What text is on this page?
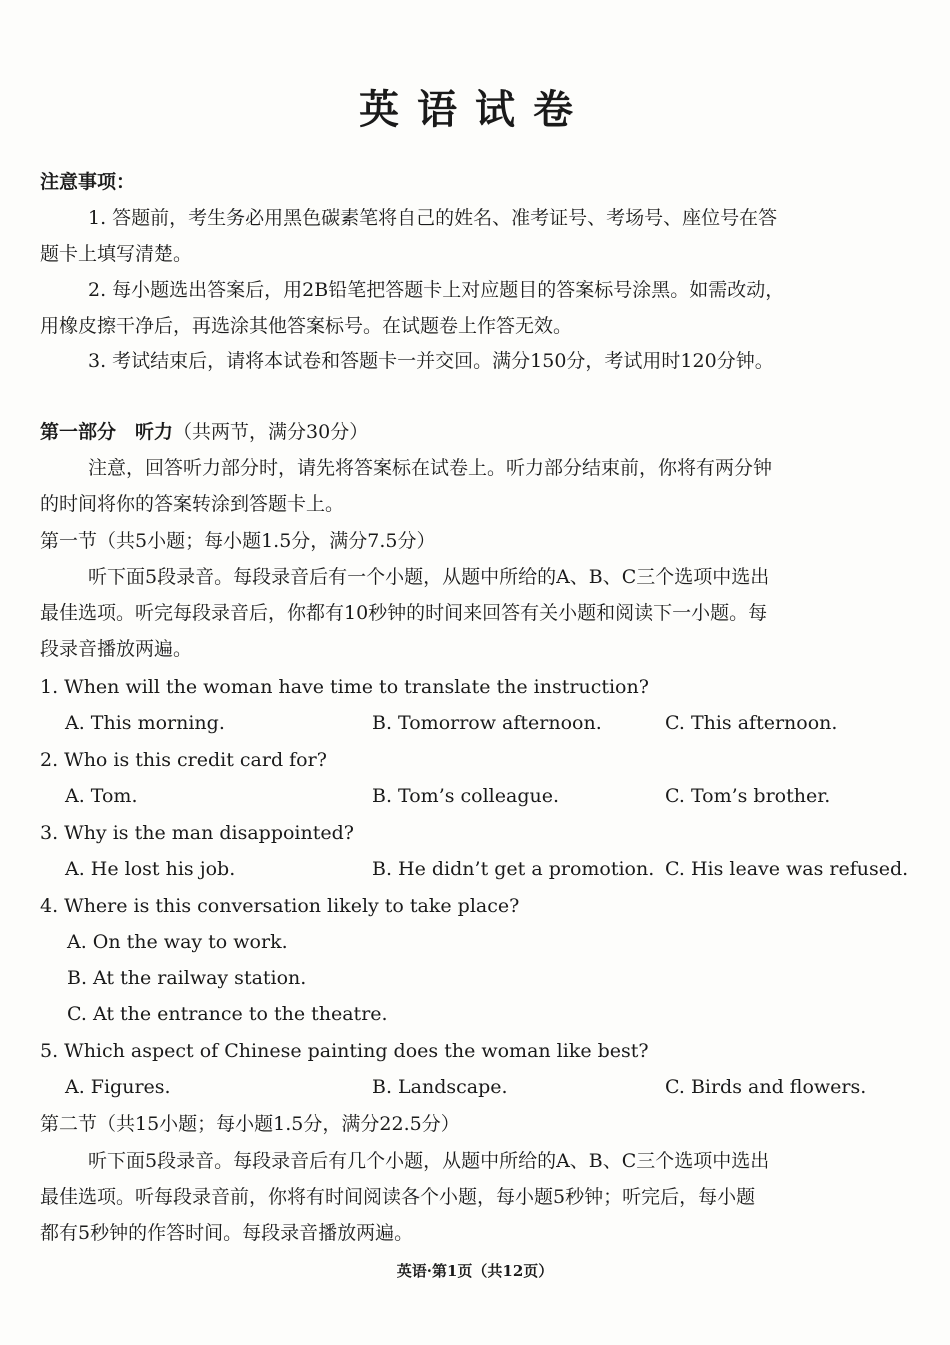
英语试卷
注意事项：
1. 答题前，考生务必用黑色碳素笔将自己的姓名、准考证号、考场号、座位号在答
题卡上填写清楚。
2. 每小题选出答案后，用2B铅笔把答题卡上对应题目的答案标号涂黑。如需改动，
用橡皮擦干净后，再选涂其他答案标号。在试题卷上作答无效。
3. 考试结束后，请将本试卷和答题卡一并交回。满分150分，考试用时120分钟。
第一部分　听力（共两节，满分30分）
注意，回答听力部分时，请先将答案标在试卷上。听力部分结束前，你将有两分钟
的时间将你的答案转涂到答题卡上。
第一节（共5小题；每小题1.5分，满分7.5分）
听下面5段录音。每段录音后有一个小题，从题中所给的A、B、C三个选项中选出
最佳选项。听完每段录音后，你都有10秒钟的时间来回答有关小题和阅读下一小题。每
段录音播放两遍。
1. When will the woman have time to translate the instruction?
A. This morning.	B. Tomorrow afternoon.	C. This afternoon.
2. Who is this credit card for?
A. Tom.	B. Tom’s colleague.	C. Tom’s brother.
3. Why is the man disappointed?
A. He lost his job.	B. He didn’t get a promotion. C. His leave was refused.
4. Where is this conversation likely to take place?
A. On the way to work.
B. At the railway station.
C. At the entrance to the theatre.
5. Which aspect of Chinese painting does the woman like best?
A. Figures.	B. Landscape.	C. Birds and flowers.
第二节（共15小题；每小题1.5分，满分22.5分）
听下面5段录音。每段录音后有几个小题，从题中所给的A、B、C三个选项中选出
最佳选项。听每段录音前，你将有时间阅读各个小题，每小题5秒钟；听完后，每小题
都有5秒钟的作答时间。每段录音播放两遍。
英语·第1页（共12页）
